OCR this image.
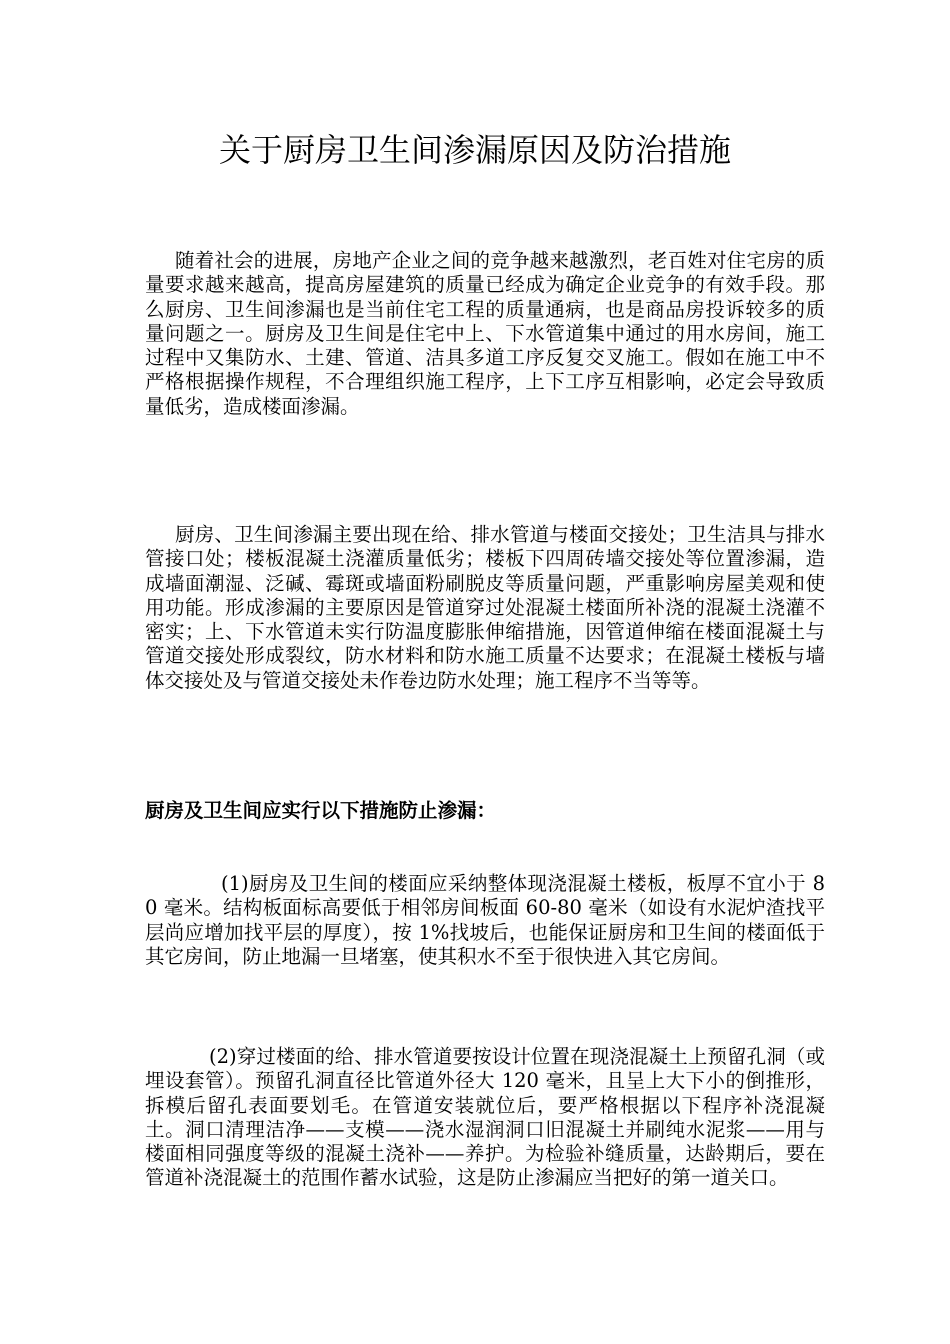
关于厨房卫生间渗漏原因及防治措施

随着社会的进展，房地产企业之间的竞争越来越激烈，老百姓对住宅房的质量要求越来越高，提高房屋建筑的质量已经成为确定企业竞争的有效手段。那么厨房、卫生间渗漏也是当前住宅工程的质量通病，也是商品房投诉较多的质量问题之一。厨房及卫生间是住宅中上、下水管道集中通过的用水房间，施工过程中又集防水、土建、管道、洁具多道工序反复交叉施工。假如在施工中不严格根据操作规程，不合理组织施工程序，上下工序互相影响，必定会导致质量低劣，造成楼面渗漏。

厨房、卫生间渗漏主要出现在给、排水管道与楼面交接处；卫生洁具与排水管接口处；楼板混凝土浇灌质量低劣；楼板下四周砖墙交接处等位置渗漏，造成墙面潮湿、泛碱、霉斑或墙面粉刷脱皮等质量问题，严重影响房屋美观和使用功能。形成渗漏的主要原因是管道穿过处混凝土楼面所补浇的混凝土浇灌不密实；上、下水管道未实行防温度膨胀伸缩措施，因管道伸缩在楼面混凝土与管道交接处形成裂纹，防水材料和防水施工质量不达要求；在混凝土楼板与墙体交接处及与管道交接处未作卷边防水处理；施工程序不当等等。

厨房及卫生间应实行以下措施防止渗漏：

(1)厨房及卫生间的楼面应采纳整体现浇混凝土楼板，板厚不宜小于 80 毫米。结构板面标高要低于相邻房间板面 60-80 毫米（如设有水泥炉渣找平层尚应增加找平层的厚度），按 1%找坡后，也能保证厨房和卫生间的楼面低于其它房间，防止地漏一旦堵塞，使其积水不至于很快进入其它房间。

(2)穿过楼面的给、排水管道要按设计位置在现浇混凝土上预留孔洞（或埋设套管）。预留孔洞直径比管道外径大 120 毫米，且呈上大下小的倒推形，拆模后留孔表面要划毛。在管道安装就位后，要严格根据以下程序补浇混凝土。洞口清理洁净——支模——浇水湿润洞口旧混凝土并刷纯水泥浆——用与楼面相同强度等级的混凝土浇补——养护。为检验补缝质量，达龄期后，要在管道补浇混凝土的范围作蓄水试验，这是防止渗漏应当把好的第一道关口。
